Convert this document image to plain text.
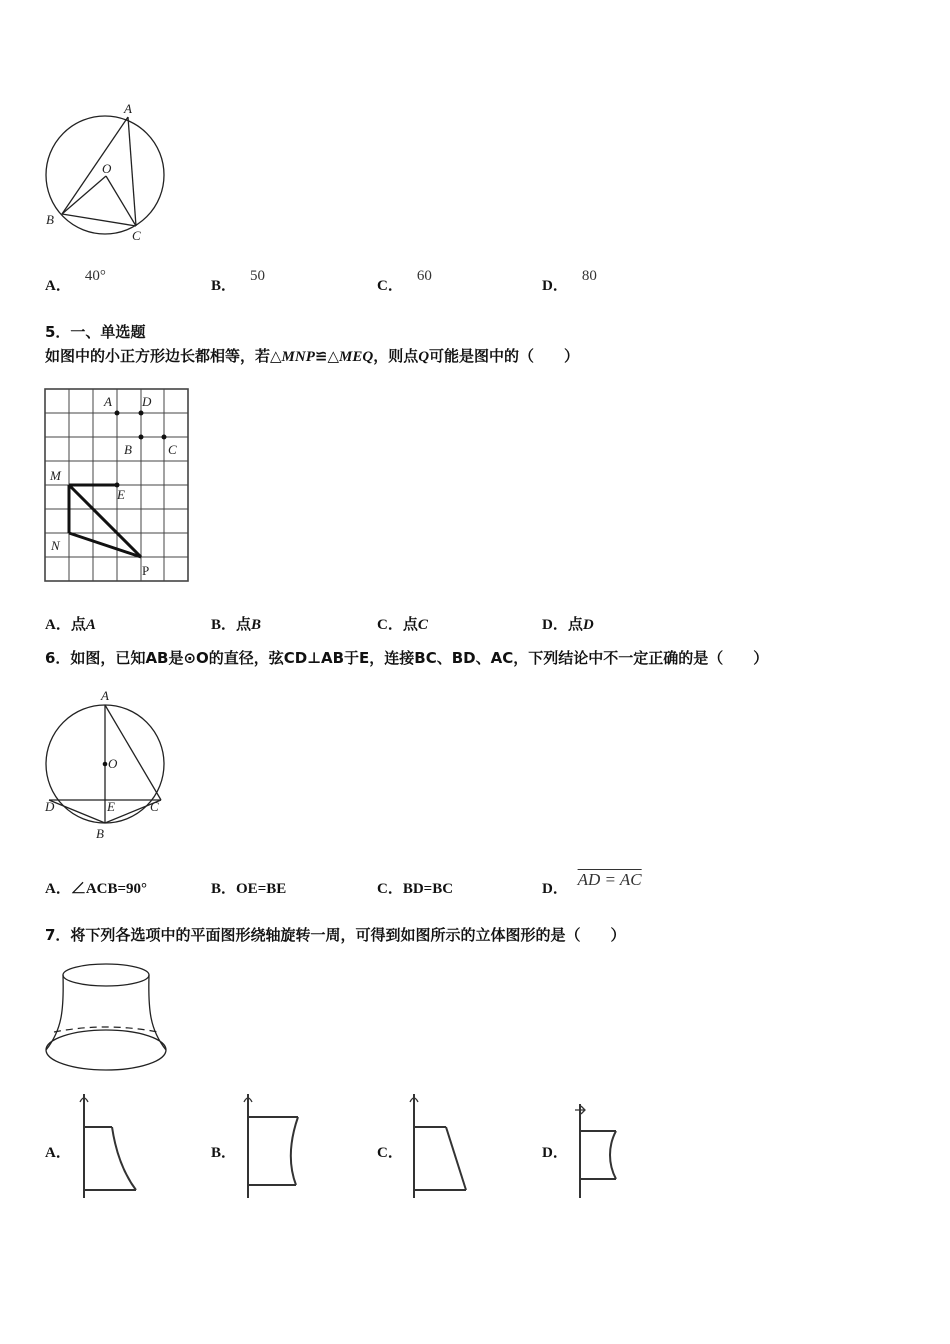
A
O
B
C
A．40°
B．50
C．60
D．80
5．一、单选题
如图中的小正方形边长都相等，若△MNP≌△MEQ，则点Q可能是图中的（　　）
A D
B	C
M
E
N
P
A．点A	B．点B	C．点C	D．点D
6．如图，已知AB是⊙O的直径，弦CD⊥AB于E，连接BC、BD、AC，下列结论中不一定正确的是（　　）
A
O
D	E	C
B
A．∠ACB=90°	B．OE=BE	C．BD=BC	D． AD = AC
7．将下列各选项中的平面图形绕轴旋转一周，可得到如图所示的立体图形的是（　　）
A．	B．	C．	D．
